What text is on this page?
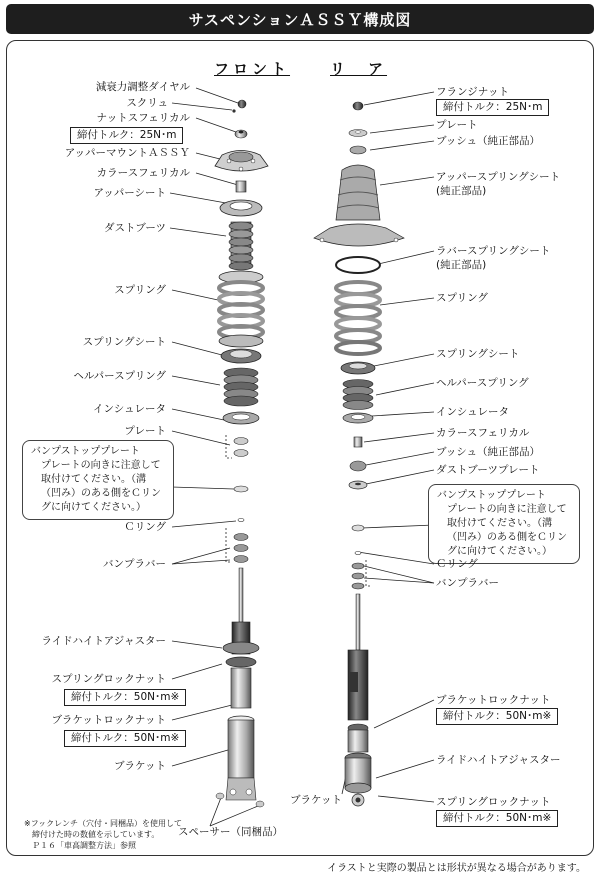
サスペンションＡＳＳＹ構成図
フロント	リ　ア
減衰力調整ダイヤル
スクリュ
ナットスフェリカル
締付トルク：25N･m
アッパーマウントＡＳＳＹ
カラースフェリカル
アッパーシート
ダストブーツ
スプリング
スプリングシート
ヘルパースプリング
インシュレータ
プレート
バンプストッププレート
プレートの向きに注意して取付けてください。（溝（凹み）のある側をＣリングに向けてください。）
Ｃリング
バンプラバー
ライドハイトアジャスター
スプリングロックナット
締付トルク：50N･m※
ブラケットロックナット
締付トルク：50N･m※
ブラケット
スペーサー（同梱品）
※フックレンチ（穴付・同梱品）を使用して
締付けた時の数値を示しています。
Ｐ１６「車高調整方法」参照
フランジナット
締付トルク：25N･m
プレート
ブッシュ（純正部品）
アッパースプリングシート
(純正部品)
ラバースプリングシート
(純正部品)
スプリング
スプリングシート
ヘルパースプリング
インシュレータ
カラースフェリカル
ブッシュ（純正部品）
ダストブーツプレート
バンプストッププレート
プレートの向きに注意して取付けてください。（溝（凹み）のある側をＣリングに向けてください。）
Ｃリング
バンプラバー
ブラケットロックナット
締付トルク：50N･m※
ライドハイトアジャスター
ブラケット	スプリングロックナット
締付トルク：50N･m※
イラストと実際の製品とは形状が異なる場合があります。
